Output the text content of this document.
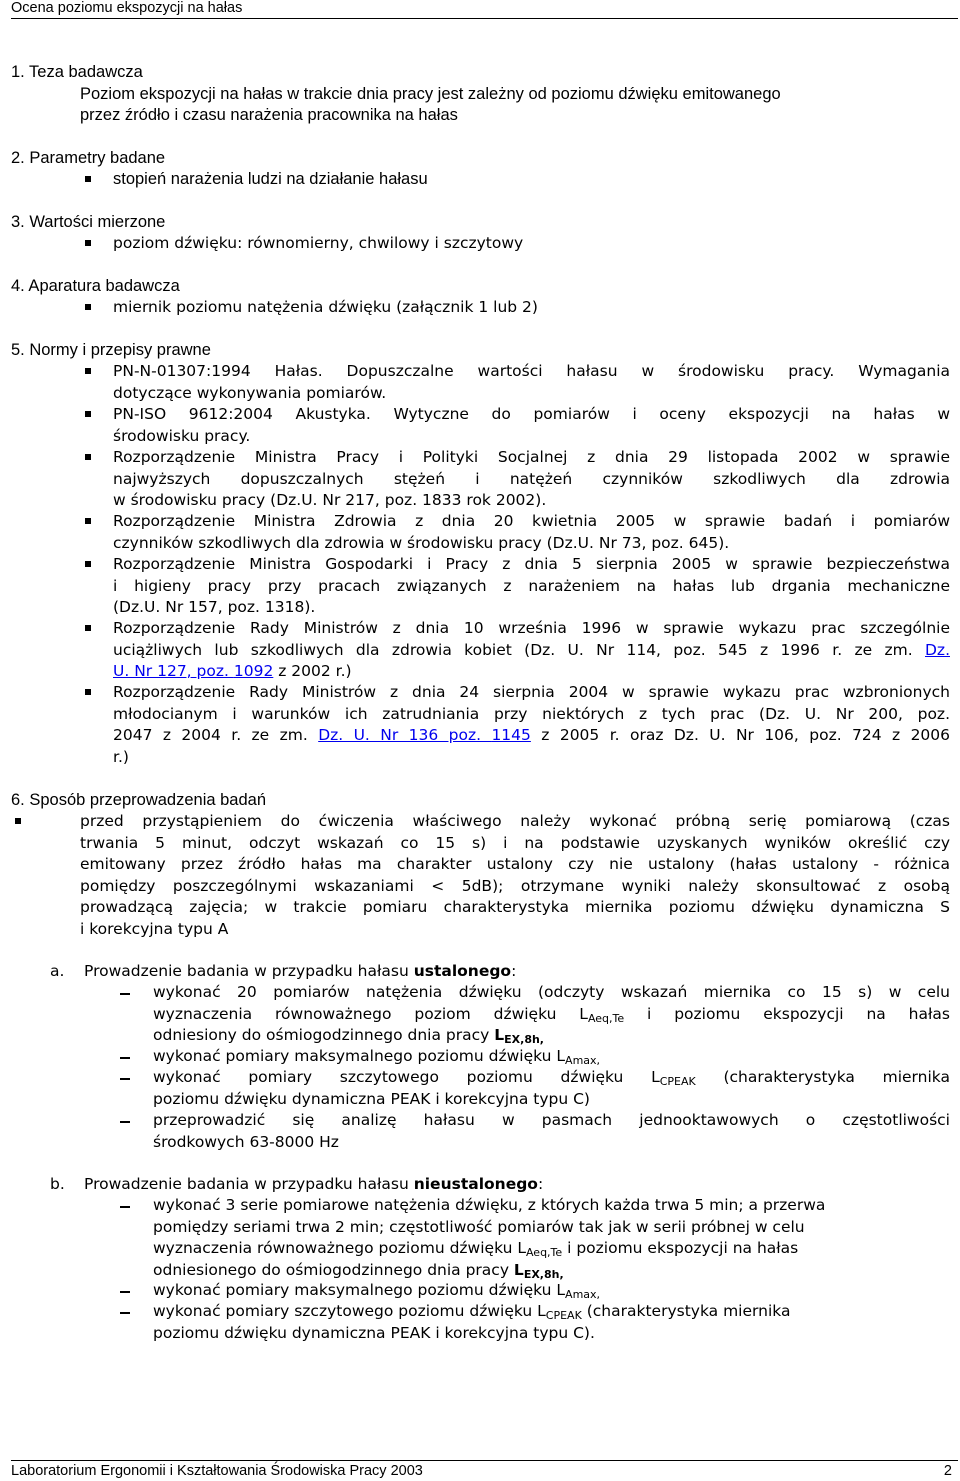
Ocena poziomu ekspozycji na hałas
1. Teza badawcza
Poziom ekspozycji na hałas w trakcie dnia pracy jest zależny od poziomu dźwięku emitowanego
przez źródło i czasu narażenia pracownika na hałas
2. Parametry badane
stopień narażenia ludzi na działanie hałasu
3. Wartości mierzone
poziom dźwięku: równomierny, chwilowy i szczytowy
4. Aparatura badawcza
miernik poziomu natężenia dźwięku (załącznik 1 lub 2)
5. Normy i przepisy prawne
PN-N-01307:1994 Hałas. Dopuszczalne wartości hałasu w środowisku pracy. Wymagania
dotyczące wykonywania pomiarów.
PN-ISO 9612:2004 Akustyka. Wytyczne do pomiarów i oceny ekspozycji na hałas w
środowisku pracy.
Rozporządzenie Ministra Pracy i Polityki Socjalnej z dnia 29 listopada 2002 w sprawie
najwyższych dopuszczalnych stężeń i natężeń czynników szkodliwych dla zdrowia
w środowisku pracy (Dz.U. Nr 217, poz. 1833 rok 2002).
Rozporządzenie Ministra Zdrowia z dnia 20 kwietnia 2005 w sprawie badań i pomiarów
czynników szkodliwych dla zdrowia w środowisku pracy (Dz.U. Nr 73, poz. 645).
Rozporządzenie Ministra Gospodarki i Pracy z dnia 5 sierpnia 2005 w sprawie bezpieczeństwa
i higieny pracy przy pracach związanych z narażeniem na hałas lub drgania mechaniczne
(Dz.U. Nr 157, poz. 1318).
Rozporządzenie Rady Ministrów z dnia 10 września 1996 w sprawie wykazu prac szczególnie
uciążliwych lub szkodliwych dla zdrowia kobiet (Dz. U. Nr 114, poz. 545 z 1996 r. ze zm. Dz.
U. Nr 127, poz. 1092 z 2002 r.)
Rozporządzenie Rady Ministrów z dnia 24 sierpnia 2004 w sprawie wykazu prac wzbronionych
młodocianym i warunków ich zatrudniania przy niektórych z tych prac (Dz. U. Nr 200, poz.
2047 z 2004 r. ze zm. Dz. U. Nr 136 poz. 1145 z 2005 r. oraz Dz. U. Nr 106, poz. 724 z 2006
r.)
6. Sposób przeprowadzenia badań
przed przystąpieniem do ćwiczenia właściwego należy wykonać próbną serię pomiarową (czas
trwania 5 minut, odczyt wskazań co 15 s) i na podstawie uzyskanych wyników określić czy
emitowany przez źródło hałas ma charakter ustalony czy nie ustalony (hałas ustalony - różnica
pomiędzy poszczególnymi wskazaniami < 5dB); otrzymane wyniki należy skonsultować z osobą
prowadzącą zajęcia; w trakcie pomiaru charakterystyka miernika poziomu dźwięku dynamiczna S
i korekcyjna typu A
a. Prowadzenie badania w przypadku hałasu ustalonego:
wykonać 20 pomiarów natężenia dźwięku (odczyty wskazań miernika co 15 s) w celu
wyznaczenia równoważnego poziom dźwięku $L_{Aeq,Te}$ i poziomu ekspozycji na hałas
odniesiony do ośmiogodzinnego dnia pracy $L_{EX,8h,}$
wykonać pomiary maksymalnego poziomu dźwięku $L_{Amax,}$
wykonać pomiary szczytowego poziomu dźwięku $L_{CPEAK}$ (charakterystyka miernika
poziomu dźwięku dynamiczna PEAK i korekcyjna typu C)
przeprowadzić się analizę hałasu w pasmach jednooktawowych o częstotliwości
środkowych 63-8000 Hz
b. Prowadzenie badania w przypadku hałasu nieustalonego:
wykonać 3 serie pomiarowe natężenia dźwięku, z których każda trwa 5 min; a przerwa
pomiędzy seriami trwa 2 min; częstotliwość pomiarów tak jak w serii próbnej w celu
wyznaczenia równoważnego poziomu dźwięku $L_{Aeq,Te}$ i poziomu ekspozycji na hałas
odniesionego do ośmiogodzinnego dnia pracy $L_{EX,8h,}$
wykonać pomiary maksymalnego poziomu dźwięku $L_{Amax,}$
wykonać pomiary szczytowego poziomu dźwięku $L_{CPEAK}$ (charakterystyka miernika
poziomu dźwięku dynamiczna PEAK i korekcyjna typu C).
Laboratorium Ergonomii i Kształtowania Środowiska Pracy 2003	2
